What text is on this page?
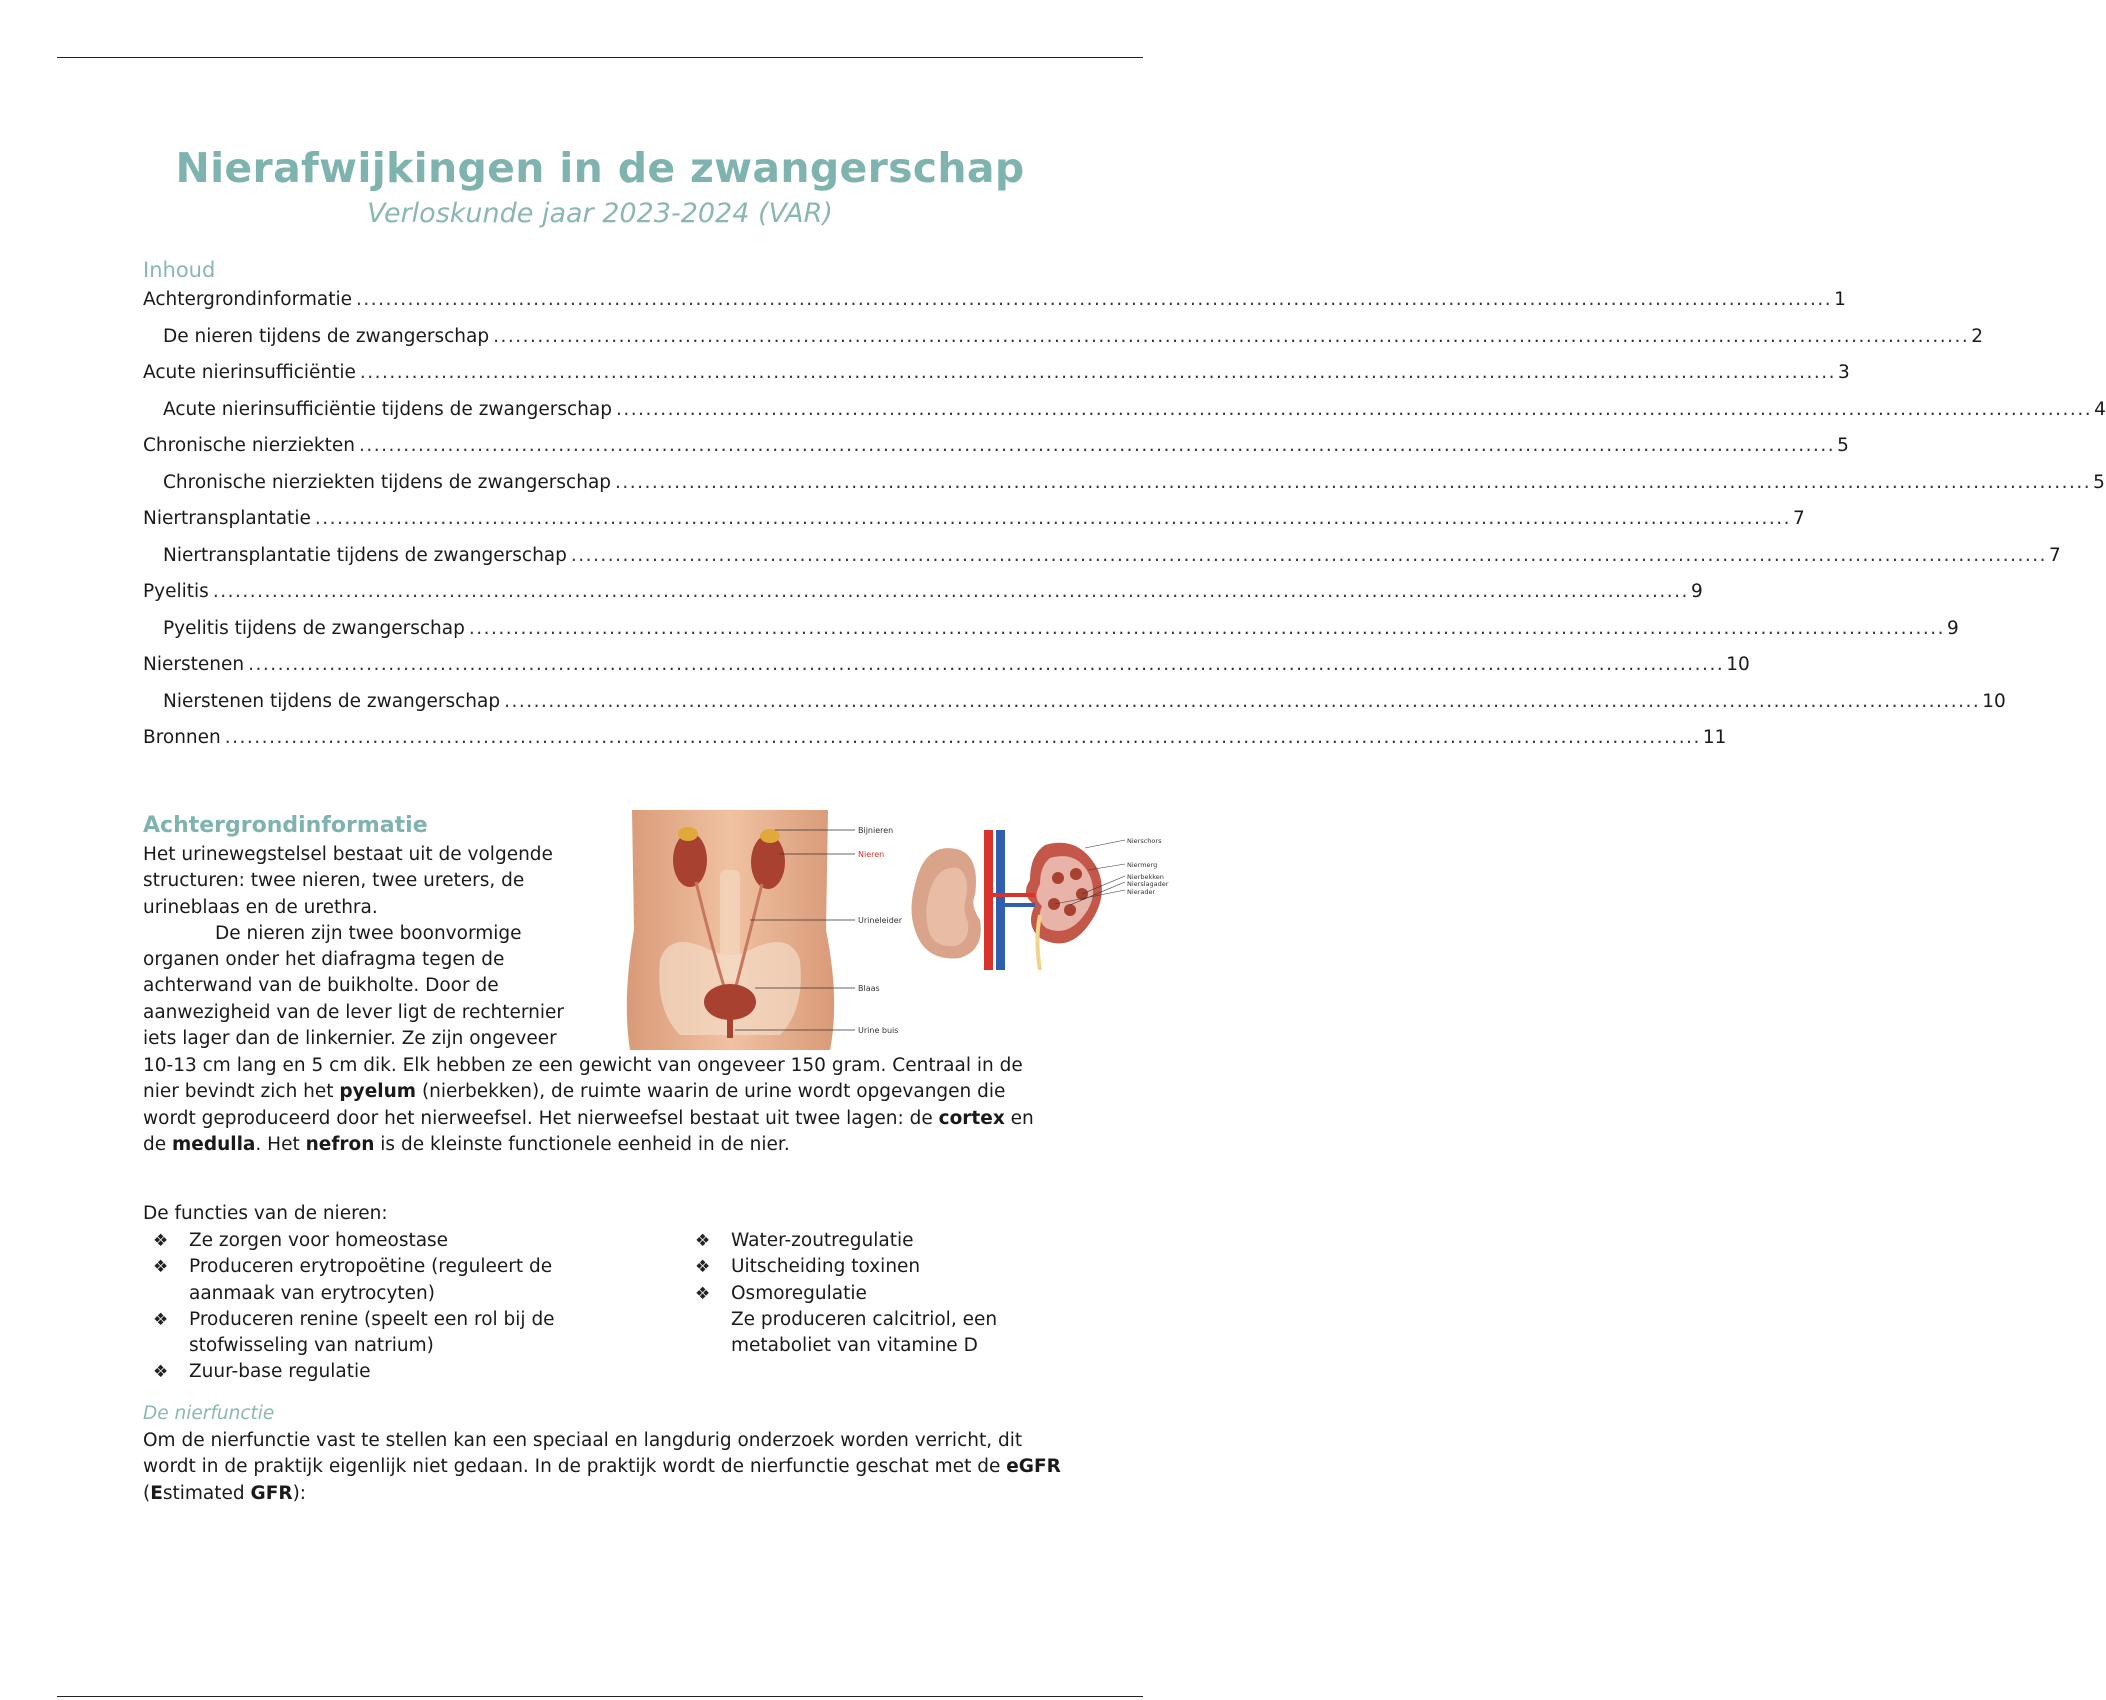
Nierafwijkingen in de zwangerschap
Verloskunde jaar 2023-2024 (VAR)
Inhoud
Achtergrondinformatie ........................................................................................................................................................................................................ 1
De nieren tijdens de zwangerschap ........................................................................................................................................................................................................ 2
Acute nierinsufficiëntie ........................................................................................................................................................................................................ 3
Acute nierinsufficiëntie tijdens de zwangerschap ........................................................................................................................................................................................................ 4
Chronische nierziekten ........................................................................................................................................................................................................ 5
Chronische nierziekten tijdens de zwangerschap ........................................................................................................................................................................................................ 5
Niertransplantatie ........................................................................................................................................................................................................ 7
Niertransplantatie tijdens de zwangerschap ........................................................................................................................................................................................................ 7
Pyelitis ........................................................................................................................................................................................................ 9
Pyelitis tijdens de zwangerschap ........................................................................................................................................................................................................ 9
Nierstenen ........................................................................................................................................................................................................ 10
Nierstenen tijdens de zwangerschap ........................................................................................................................................................................................................ 10
Bronnen ........................................................................................................................................................................................................ 11
Achtergrondinformatie
Het urinewegstelsel bestaat uit de volgende structuren: twee nieren, twee ureters, de urineblaas en de urethra.
De nieren zijn twee boonvormige organen onder het diafragma tegen de achterwand van de buikholte. Door de aanwezigheid van de lever ligt de rechternier iets lager dan de linkernier. Ze zijn ongeveer
10-13 cm lang en 5 cm dik. Elk hebben ze een gewicht van ongeveer 150 gram. Centraal in de nier bevindt zich het pyelum (nierbekken), de ruimte waarin de urine wordt opgevangen die wordt geproduceerd door het nierweefsel. Het nierweefsel bestaat uit twee lagen: de cortex en de medulla. Het nefron is de kleinste functionele eenheid in de nier.
Bijnieren
Nieren
Urineleider
Blaas
Urine buis
Nierschors
Niermerg
Nierbekken
Nierslagader
Nierader
De functies van de nieren:
❖ Ze zorgen voor homeostase
❖ Produceren erytropoëtine (reguleert de aanmaak van erytrocyten)
❖ Produceren renine (speelt een rol bij de stofwisseling van natrium)
❖ Zuur-base regulatie
❖ Water-zoutregulatie
❖ Uitscheiding toxinen
❖ Osmoregulatie
Ze produceren calcitriol, een metaboliet van vitamine D
De nierfunctie
Om de nierfunctie vast te stellen kan een speciaal en langdurig onderzoek worden verricht, dit wordt in de praktijk eigenlijk niet gedaan. In de praktijk wordt de nierfunctie geschat met de eGFR (Estimated GFR):
